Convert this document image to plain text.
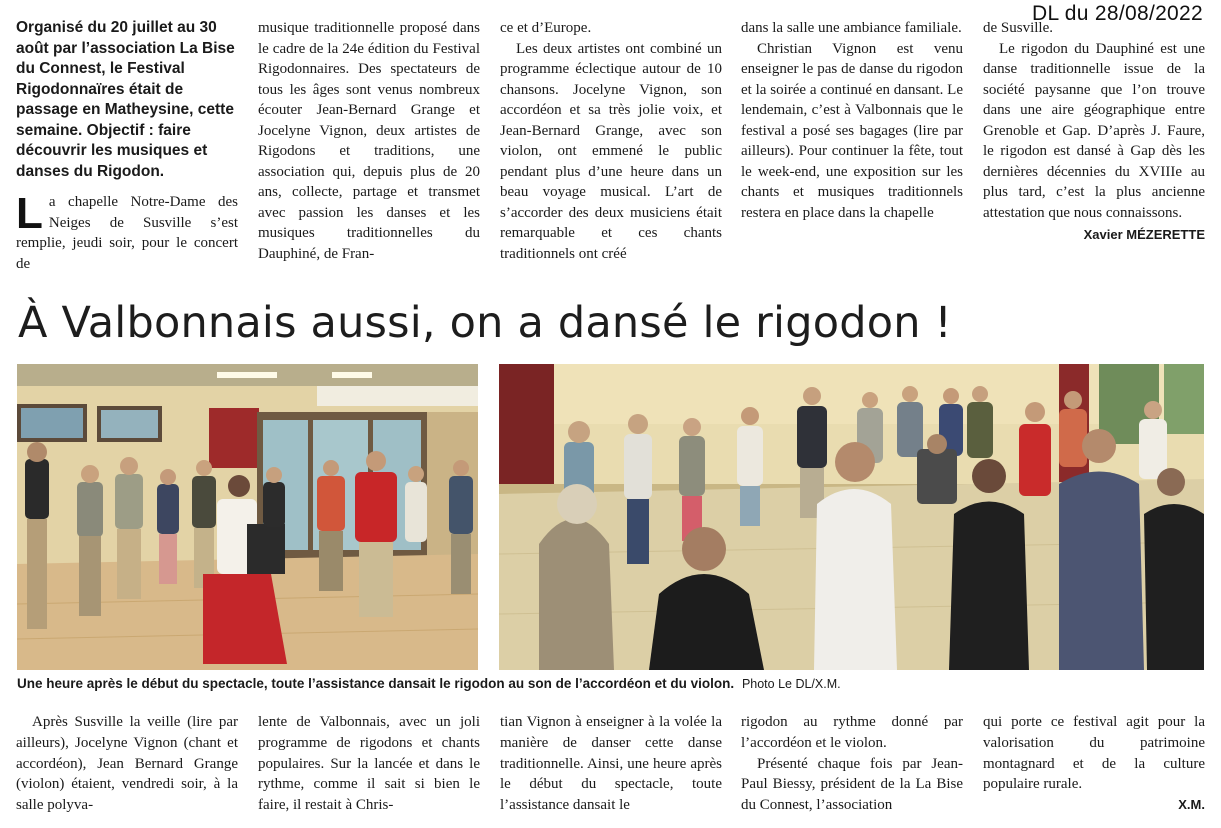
DL du 28/08/2022

Organisé du 20 juillet au 30 août par l’association La Bise du Connest, le Festival Rigodonnaïres était de passage en Matheysine, cette semaine. Objectif : faire découvrir les musiques et danses du Rigodon.

L a chapelle Notre-Dame des Neiges de Susville s’est remplie, jeudi soir, pour le concert de

musique traditionnelle proposé dans le cadre de la 24e édition du Festival Rigodonnaires. Des spectateurs de tous les âges sont venus nombreux écouter Jean-Bernard Grange et Jocelyne Vignon, deux artistes de Rigodons et traditions, une association qui, depuis plus de 20 ans, collecte, partage et transmet avec passion les danses et les musiques traditionnelles du Dauphiné, de Fran-

ce et d’Europe.

Les deux artistes ont combiné un programme éclectique autour de 10 chansons. Jocelyne Vignon, son accordéon et sa très jolie voix, et Jean-Bernard Grange, avec son violon, ont emmené le public pendant plus d’une heure dans un beau voyage musical. L’art de s’accorder des deux musiciens était remarquable et ces chants traditionnels ont créé

dans la salle une ambiance familiale.

Christian Vignon est venu enseigner le pas de danse du rigodon et la soirée a continué en dansant. Le lendemain, c’est à Valbonnais que le festival a posé ses bagages (lire par ailleurs). Pour continuer la fête, tout le week-end, une exposition sur les chants et musiques traditionnels restera en place dans la chapelle

de Susville.

Le rigodon du Dauphiné est une danse traditionnelle issue de la société paysanne que l’on trouve dans une aire géographique entre Grenoble et Gap. D’après J. Faure, le rigodon est dansé à Gap dès les dernières décennies du XVIIIe au plus tard, c’est la plus ancienne attestation que nous connaissons.

Xavier MÉZERETTE
À Valbonnais aussi, on a dansé le rigodon !
Une heure après le début du spectacle, toute l’assistance dansait le rigodon au son de l’accordéon et du violon. Photo Le DL/X.M.

Après Susville la veille (lire par ailleurs), Jocelyne Vignon (chant et accordéon), Jean Bernard Grange (violon) étaient, vendredi soir, à la salle polyva-

lente de Valbonnais, avec un joli programme de rigodons et chants populaires. Sur la lancée et dans le rythme, comme il sait si bien le faire, il restait à Chris-

tian Vignon à enseigner à la volée la manière de danser cette danse traditionnelle. Ainsi, une heure après le début du spectacle, toute l’assistance dansait le

rigodon au rythme donné par l’accordéon et le violon.

Présenté chaque fois par Jean-Paul Biessy, président de la La Bise du Connest, l’association

qui porte ce festival agit pour la valorisation du patrimoine montagnard et de la culture populaire rurale.

X.M.
